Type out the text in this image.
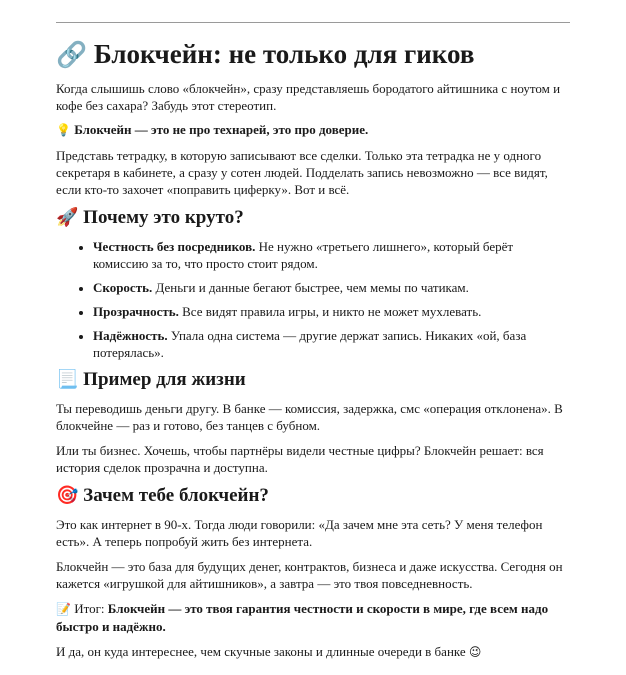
🔗 Блокчейн: не только для гиков

Когда слышишь слово «блокчейн», сразу представляешь бородатого айтишника с ноутом и кофе без сахара? Забудь этот стереотип.

💡 Блокчейн — это не про технарей, это про доверие.

Представь тетрадку, в которую записывают все сделки. Только эта тетрадка не у одного секретаря в кабинете, а сразу у сотен людей. Подделать запись невозможно — все видят, если кто-то захочет «поправить циферку». Вот и всё.

🚀 Почему это круто?
• Честность без посредников. Не нужно «третьего лишнего», который берёт комиссию за то, что просто стоит рядом.
• Скорость. Деньги и данные бегают быстрее, чем мемы по чатикам.
• Прозрачность. Все видят правила игры, и никто не может мухлевать.
• Надёжность. Упала одна система — другие держат запись. Никаких «ой, база потерялась».
📃 Пример для жизни

Ты переводишь деньги другу. В банке — комиссия, задержка, смс «операция отклонена». В блокчейне — раз и готово, без танцев с бубном.

Или ты бизнес. Хочешь, чтобы партнёры видели честные цифры? Блокчейн решает: вся история сделок прозрачна и доступна.

🎯 Зачем тебе блокчейн?

Это как интернет в 90-х. Тогда люди говорили: «Да зачем мне эта сеть? У меня телефон есть». А теперь попробуй жить без интернета.

Блокчейн — это база для будущих денег, контрактов, бизнеса и даже искусства. Сегодня он кажется «игрушкой для айтишников», а завтра — это твоя повседневность.

📝 Итог: Блокчейн — это твоя гарантия честности и скорости в мире, где всем надо быстро и надёжно.

И да, он куда интереснее, чем скучные законы и длинные очереди в банке 😉
